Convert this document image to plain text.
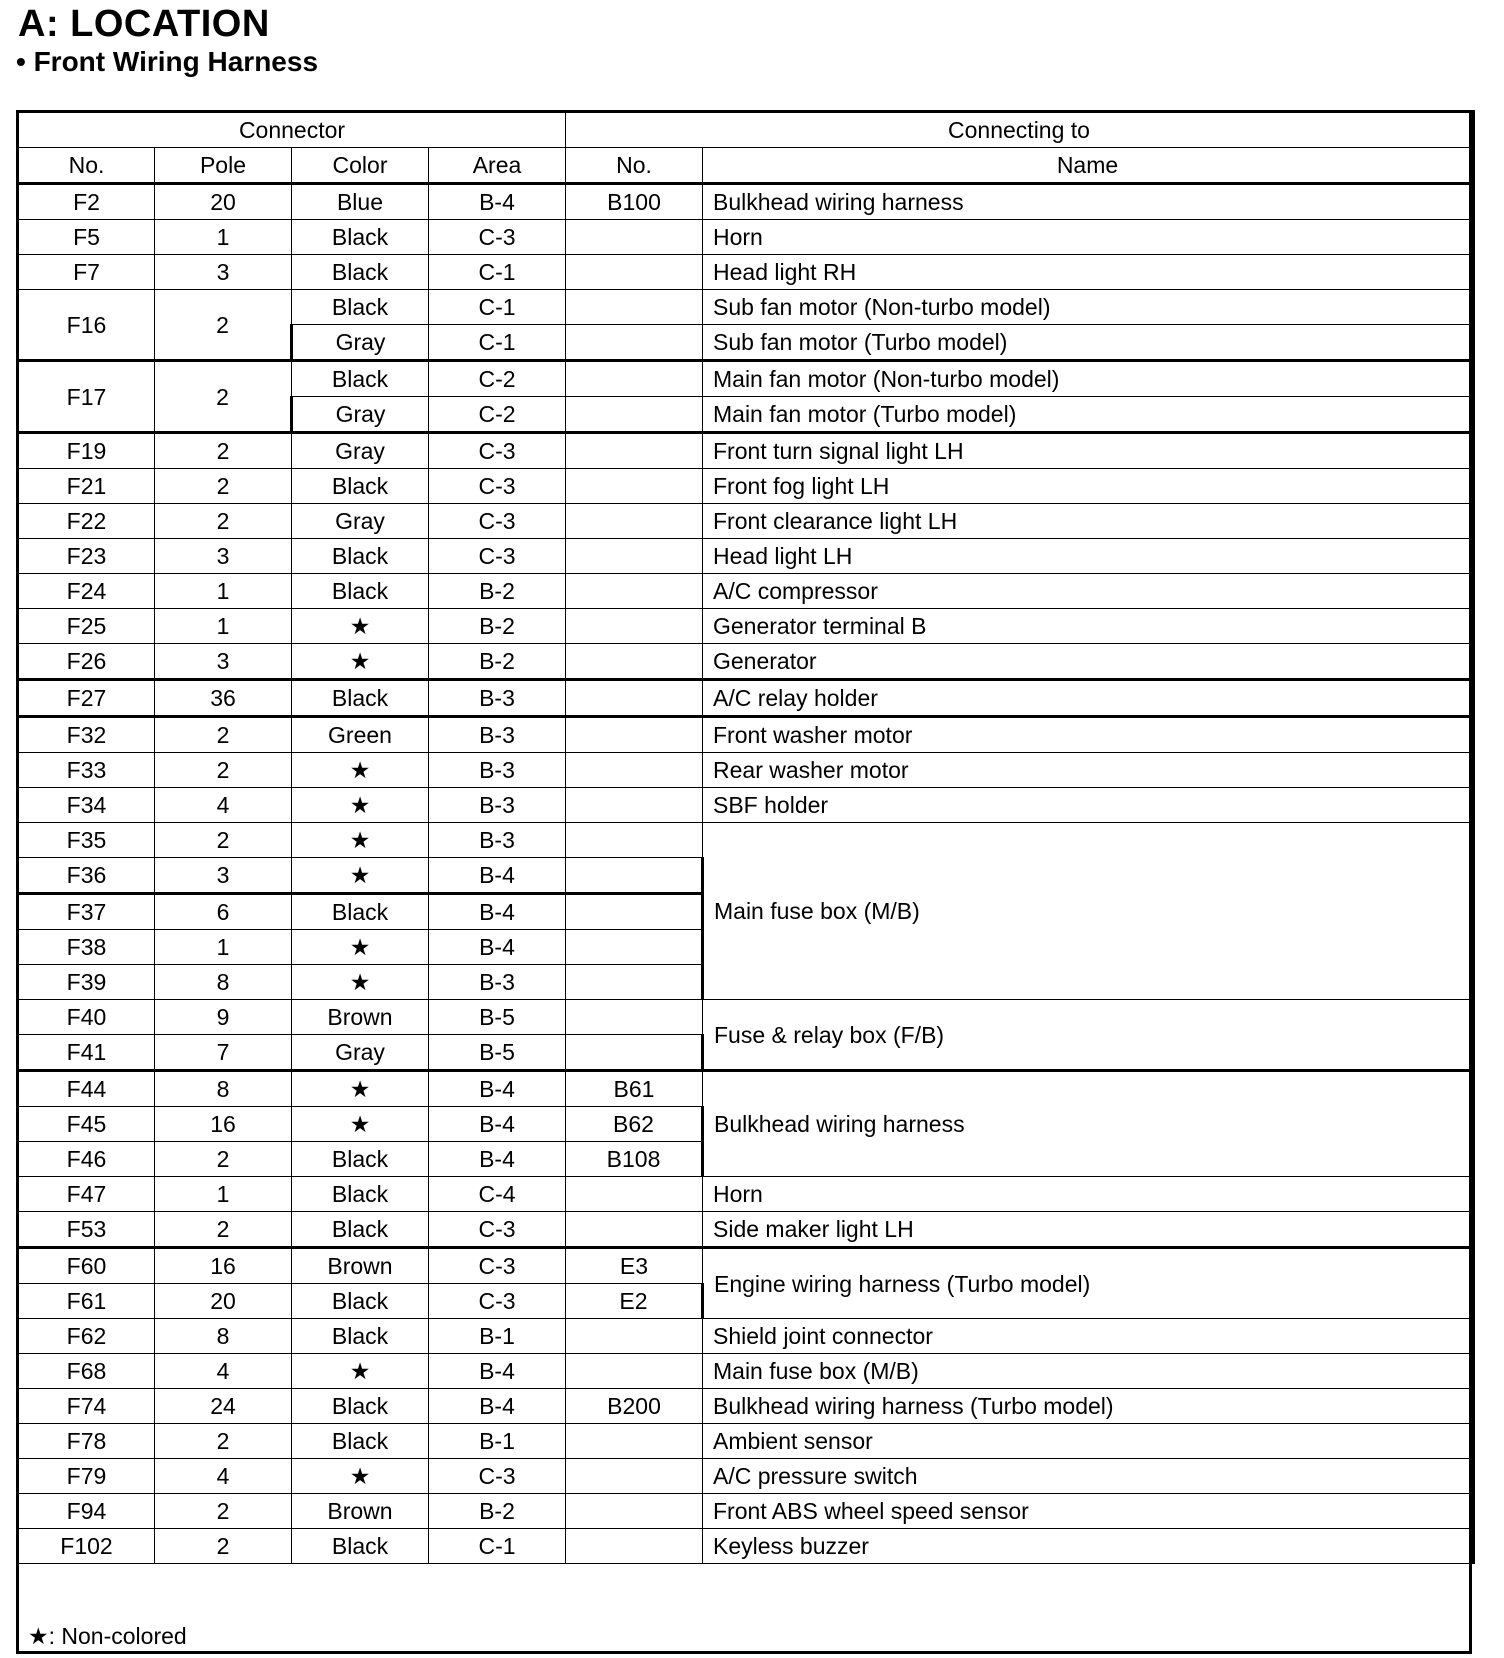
A: LOCATION
• Front Wiring Harness
Connector				Connecting to	
No.	Pole	Color	Area	No.	Name
F2	20	Blue	B-4	B100	Bulkhead wiring harness
F5	1	Black	C-3		Horn
F7	3	Black	C-1		Head light RH
F16	2	Black	C-1		Sub fan motor (Non-turbo model)
		Gray	C-1		Sub fan motor (Turbo model)
F17	2	Black	C-2		Main fan motor (Non-turbo model)
		Gray	C-2		Main fan motor (Turbo model)
F19	2	Gray	C-3		Front turn signal light LH
F21	2	Black	C-3		Front fog light LH
F22	2	Gray	C-3		Front clearance light LH
F23	3	Black	C-3		Head light LH
F24	1	Black	B-2		A/C compressor
F25	1	★	B-2		Generator terminal B
F26	3	★	B-2		Generator
F27	36	Black	B-3		A/C relay holder
F32	2	Green	B-3		Front washer motor
F33	2	★	B-3		Rear washer motor
F34	4	★	B-3		SBF holder
F35	2	★	B-3		Main fuse box (M/B)
F36	3	★	B-4		
F37	6	Black	B-4		
F38	1	★	B-4		
F39	8	★	B-3		
F40	9	Brown	B-5		Fuse & relay box (F/B)
F41	7	Gray	B-5		
F44	8	★	B-4	B61	Bulkhead wiring harness
F45	16	★	B-4	B62	
F46	2	Black	B-4	B108	
F47	1	Black	C-4		Horn
F53	2	Black	C-3		Side maker light LH
F60	16	Brown	C-3	E3	Engine wiring harness (Turbo model)
F61	20	Black	C-3	E2	
F62	8	Black	B-1		Shield joint connector
F68	4	★	B-4		Main fuse box (M/B)
F74	24	Black	B-4	B200	Bulkhead wiring harness (Turbo model)
F78	2	Black	B-1		Ambient sensor
F79	4	★	C-3		A/C pressure switch
F94	2	Brown	B-2		Front ABS wheel speed sensor
F102	2	Black	C-1		Keyless buzzer
★: Non-colored
